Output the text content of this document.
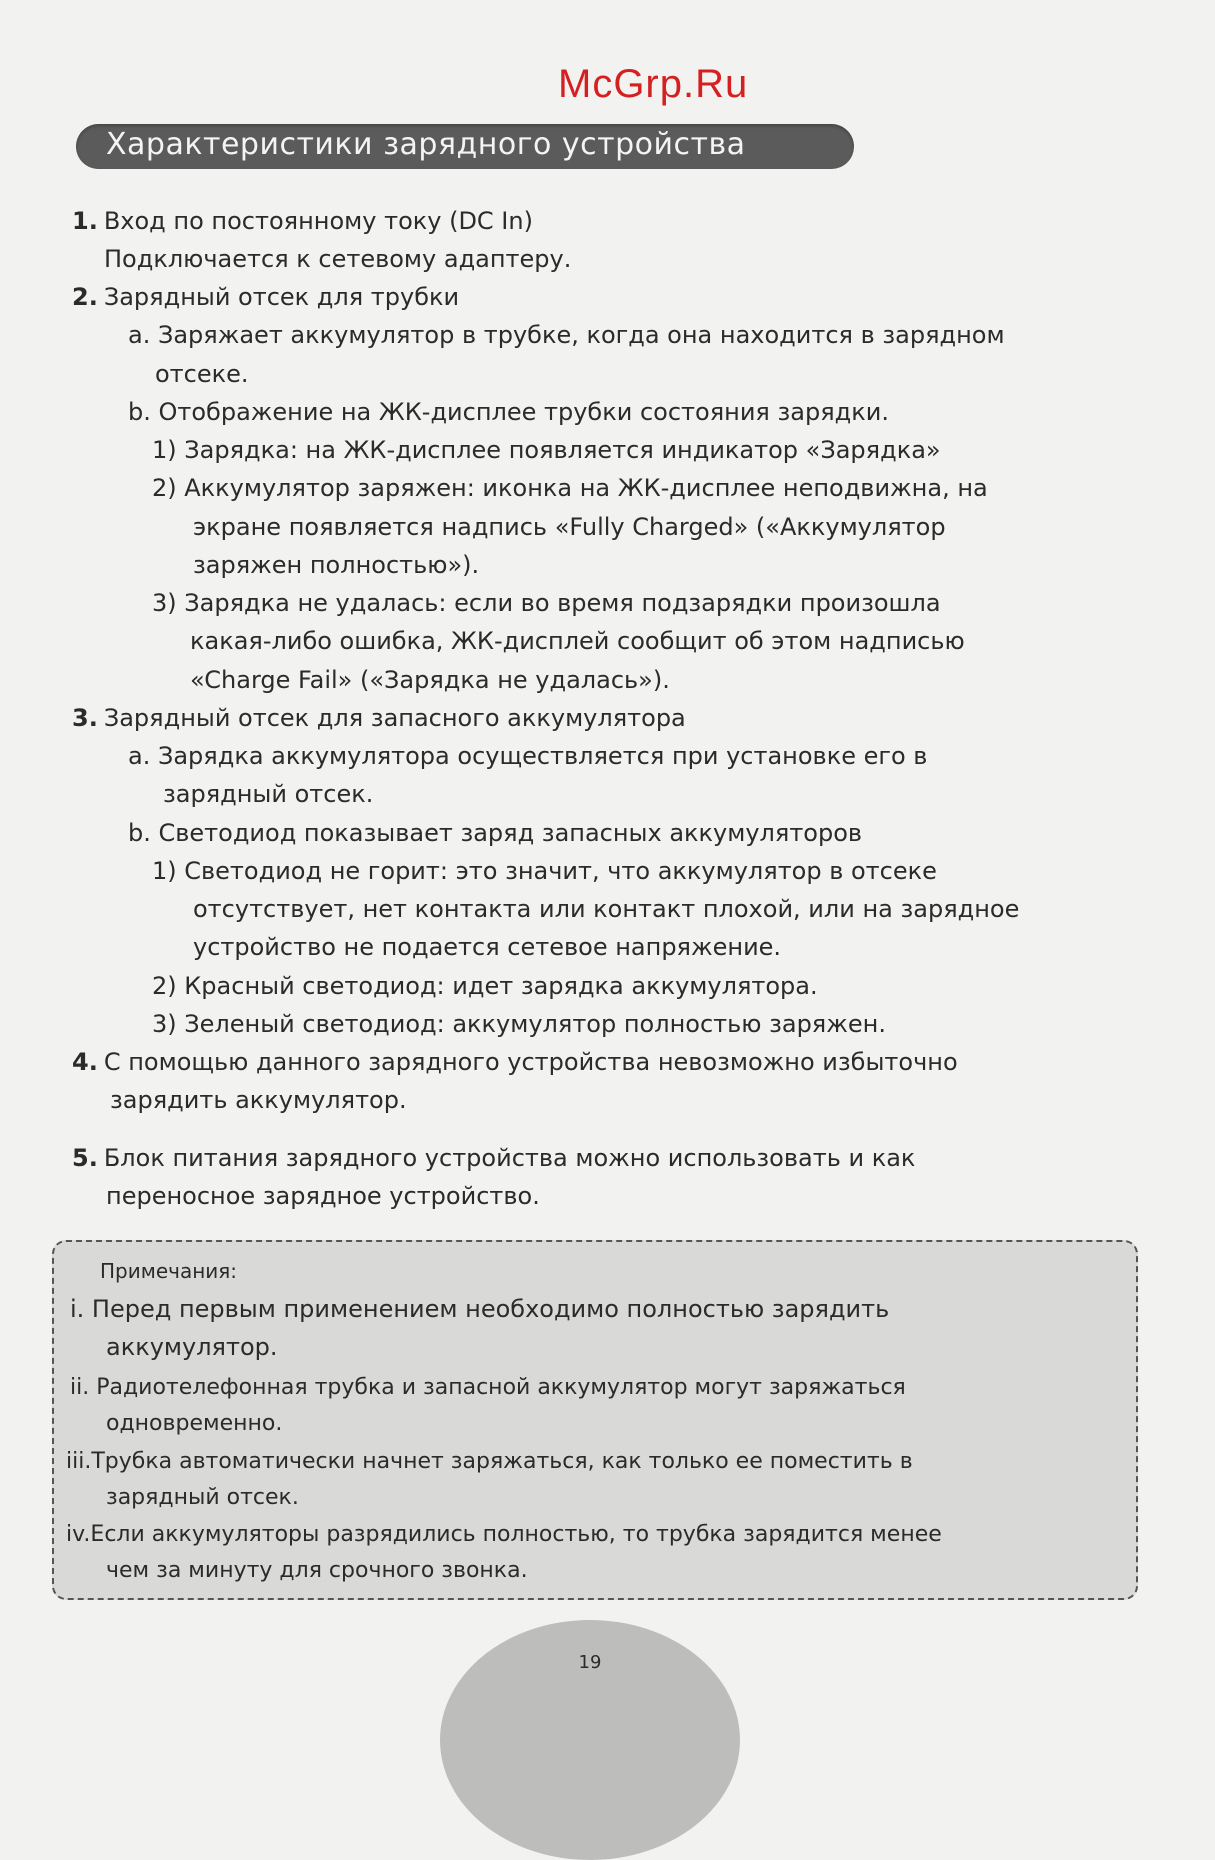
McGrp.Ru
Характеристики зарядного устройства
1. Вход по постоянному току (DC In)
Подключается к сетевому адаптеру.
2. Зарядный отсек для трубки
a. Заряжает аккумулятор в трубке, когда она находится в зарядном
отсеке.
b. Отображение на ЖК-дисплее трубки состояния зарядки.
1) Зарядка: на ЖК-дисплее появляется индикатор «Зарядка»
2) Аккумулятор заряжен: иконка на ЖК-дисплее неподвижна, на
экране появляется надпись «Fully Charged» («Аккумулятор
заряжен полностью»).
3) Зарядка не удалась: если во время подзарядки произошла
какая-либо ошибка, ЖК-дисплей сообщит об этом надписью
«Charge Fail» («Зарядка не удалась»).
3. Зарядный отсек для запасного аккумулятора
a. Зарядка аккумулятора осуществляется при установке его в
зарядный отсек.
b. Светодиод показывает заряд запасных аккумуляторов
1) Светодиод не горит: это значит, что аккумулятор в отсеке
отсутствует, нет контакта или контакт плохой, или на зарядное
устройство не подается сетевое напряжение.
2) Красный светодиод: идет зарядка аккумулятора.
3) Зеленый светодиод: аккумулятор полностью заряжен.
4. С помощью данного зарядного устройства невозможно избыточно
зарядить аккумулятор.
5. Блок питания зарядного устройства можно использовать и как
переносное зарядное устройство.
Примечания:
i. Перед первым применением необходимо полностью зарядить
аккумулятор.
ii. Радиотелефонная трубка и запасной аккумулятор могут заряжаться
одновременно.
iii.Трубка автоматически начнет заряжаться, как только ее поместить в
зарядный отсек.
iv.Если аккумуляторы разрядились полностью, то трубка зарядится менее
чем за минуту для срочного звонка.
19
